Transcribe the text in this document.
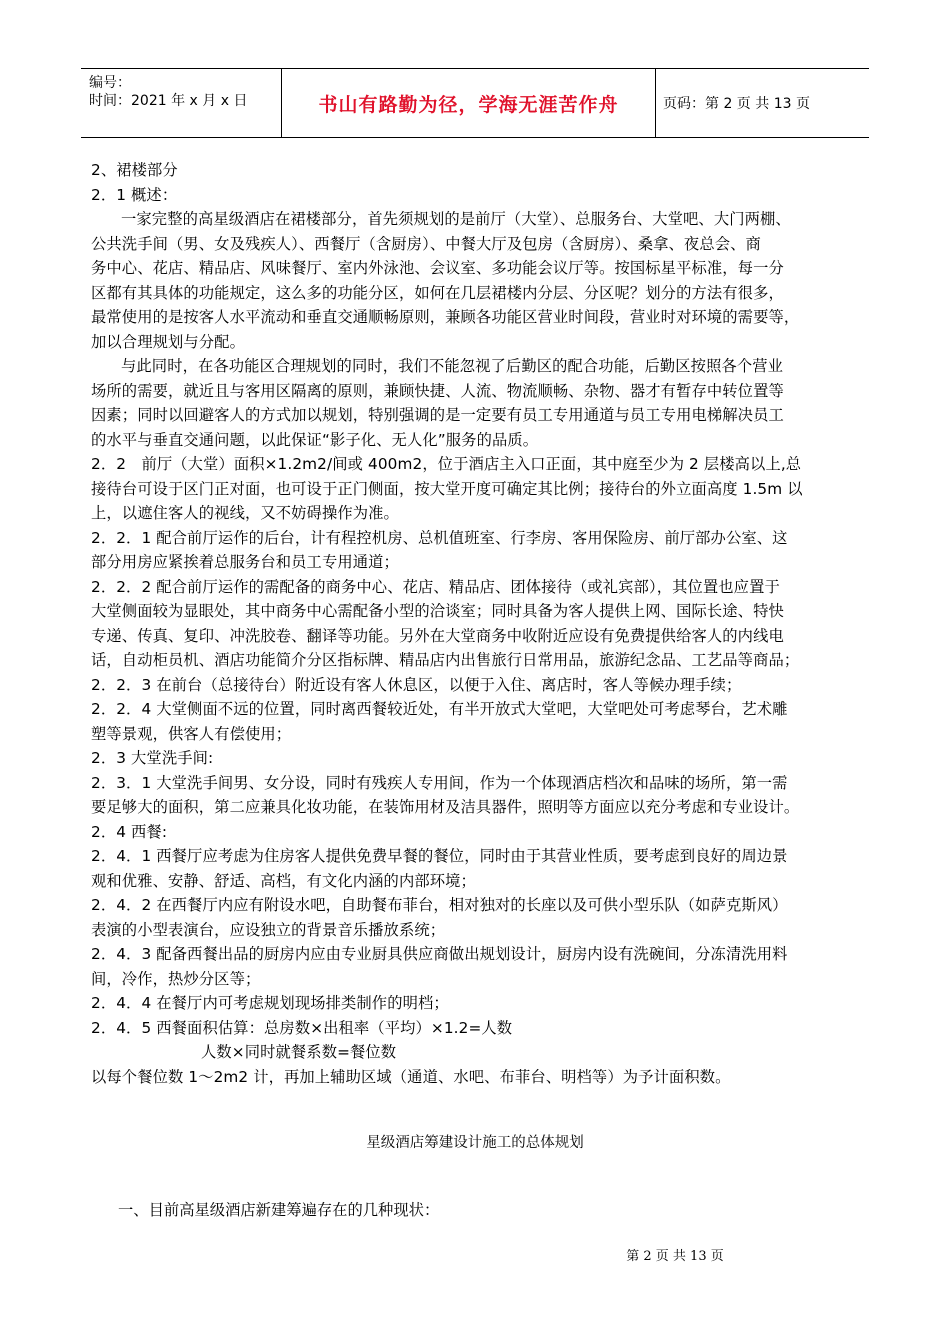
编号：
时间：2021 年 x 月 x 日	书山有路勤为径，学海无涯苦作舟	页码：第 2 页 共 13 页
2、裙楼部分
2．1 概述：
一家完整的高星级酒店在裙楼部分，首先须规划的是前厅（大堂）、总服务台、大堂吧、大门两棚、
公共洗手间（男、女及残疾人）、西餐厅（含厨房）、中餐大厅及包房（含厨房）、桑拿、夜总会、商
务中心、花店、精品店、风味餐厅、室内外泳池、会议室、多功能会议厅等。按国标星平标准，每一分
区都有其具体的功能规定，这么多的功能分区，如何在几层裙楼内分层、分区呢？划分的方法有很多，
最常使用的是按客人水平流动和垂直交通顺畅原则，兼顾各功能区营业时间段，营业时对环境的需要等，
加以合理规划与分配。
与此同时，在各功能区合理规划的同时，我们不能忽视了后勤区的配合功能，后勤区按照各个营业
场所的需要，就近且与客用区隔离的原则，兼顾快捷、人流、物流顺畅、杂物、器才有暂存中转位置等
因素；同时以回避客人的方式加以规划，特别强调的是一定要有员工专用通道与员工专用电梯解决员工
的水平与垂直交通问题，以此保证“影子化、无人化”服务的品质。
2．2　前厅（大堂）面积×1.2m2/间或 400m2，位于酒店主入口正面，其中庭至少为 2 层楼高以上,总
接待台可设于区门正对面，也可设于正门侧面，按大堂开度可确定其比例；接待台的外立面高度 1.5m 以
上，以遮住客人的视线，又不妨碍操作为准。
2．2．1 配合前厅运作的后台，计有程控机房、总机值班室、行李房、客用保险房、前厅部办公室、这
部分用房应紧挨着总服务台和员工专用通道；
2．2．2 配合前厅运作的需配备的商务中心、花店、精品店、团体接待（或礼宾部），其位置也应置于
大堂侧面较为显眼处，其中商务中心需配备小型的洽谈室；同时具备为客人提供上网、国际长途、特快
专递、传真、复印、冲洗胶卷、翻译等功能。另外在大堂商务中收附近应设有免费提供给客人的内线电
话，自动柜员机、酒店功能简介分区指标牌、精品店内出售旅行日常用品，旅游纪念品、工艺品等商品；
2．2．3 在前台（总接待台）附近设有客人休息区，以便于入住、离店时，客人等候办理手续；
2．2．4 大堂侧面不远的位置，同时离西餐较近处，有半开放式大堂吧，大堂吧处可考虑琴台，艺术雕
塑等景观，供客人有偿使用；
2．3 大堂洗手间:
2．3．1 大堂洗手间男、女分设，同时有残疾人专用间，作为一个体现酒店档次和品味的场所，第一需
要足够大的面积，第二应兼具化妆功能，在装饰用材及洁具器件，照明等方面应以充分考虑和专业设计。
2．4 西餐:
2．4．1 西餐厅应考虑为住房客人提供免费早餐的餐位，同时由于其营业性质，要考虑到良好的周边景
观和优雅、安静、舒适、高档，有文化内涵的内部环境；
2．4．2 在西餐厅内应有附设水吧，自助餐布菲台，相对独对的长座以及可供小型乐队（如萨克斯风）
表演的小型表演台，应设独立的背景音乐播放系统；
2．4．3 配备西餐出品的厨房内应由专业厨具供应商做出规划设计，厨房内设有洗碗间，分冻清洗用料
间，冷作，热炒分区等；
2．4．4 在餐厅内可考虑规划现场排类制作的明档；
2．4．5 西餐面积估算：总房数×出租率（平均）×1.2=人数
人数×同时就餐系数=餐位数
以每个餐位数 1～2m2 计，再加上辅助区域（通道、水吧、布菲台、明档等）为予计面积数。
星级酒店筹建设计施工的总体规划
一、目前高星级酒店新建筹遍存在的几种现状：
第 2 页 共 13 页
